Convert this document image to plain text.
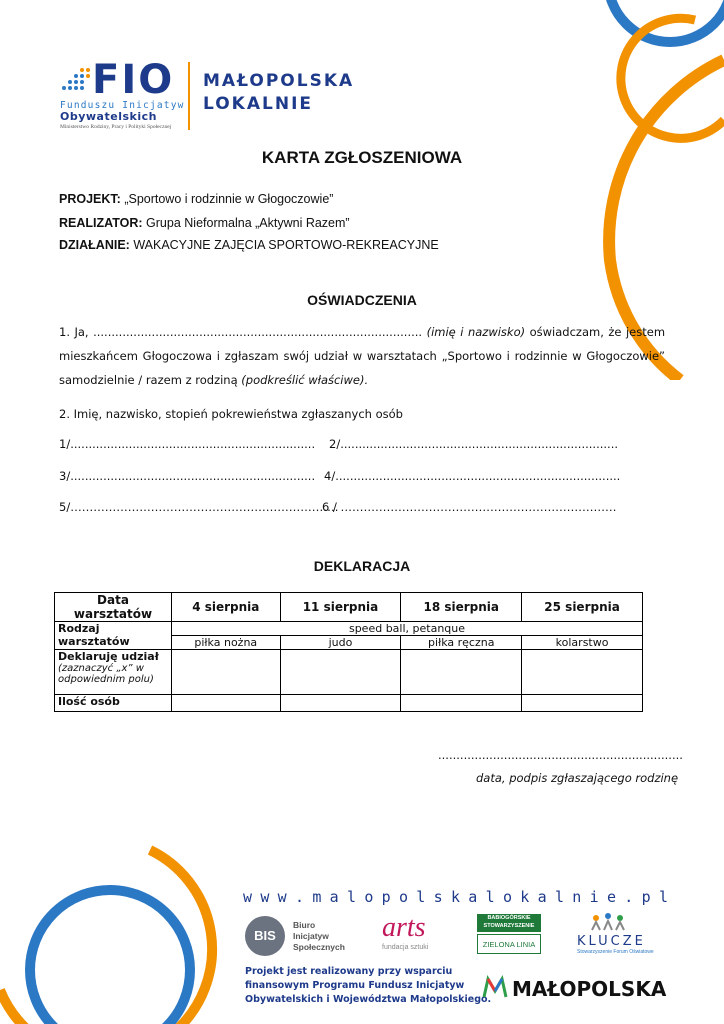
FIO
Funduszu Inicjatyw
Obywatelskich
Ministerstwo Rodziny, Pracy i Polityki Społecznej
MAŁOPOLSKA
LOKALNIE
KARTA ZGŁOSZENIOWA
PROJEKT: „Sportowo i rodzinnie w Głogoczowie”
REALIZATOR: Grupa Nieformalna „Aktywni Razem”
DZIAŁANIE: WAKACYJNE ZAJĘCIA SPORTOWO-REKREACYJNE
OŚWIADCZENIA
1. Ja, .......................................................................................... (imię i nazwisko) oświadczam, że jestem mieszkańcem Głogoczowa i zgłaszam swój udział w warsztatach „Sportowo i rodzinnie w Głogoczowie” samodzielnie / razem z rodziną (podkreślić właściwe).
2. Imię, nazwisko, stopień pokrewieństwa zgłaszanych osób
1/................................................................... 2/............................................................................
3/................................................................... 4/..............................................................................
5/…………………………………………………………….
6 / ………………………………………………………………
DEKLARACJA
Data warsztatów	4 sierpnia	11 sierpnia	18 sierpnia	25 sierpnia
Rodzaj warsztatów	speed ball, petanque			
	piłka nożna	judo	piłka ręczna	kolarstwo

Deklaruję udział
(zaznaczyć „x” w odpowiednim polu)				

Ilość osób				
...................................................................
data, podpis zgłaszającego rodzinę
www.malopolskalokalnie.pl
BIS
Biuro Inicjatyw Społecznych
arts
fundacja sztuki
BABIOGÓRSKIE STOWARZYSZENIE
ZIELONA LINIA	KLUCZE
Stowarzyszenie Forum Oświatowe
Projekt jest realizowany przy wsparciu
finansowym Programu Fundusz Inicjatyw
Obywatelskich i Województwa Małopolskiego. MAŁOPOLSKA
